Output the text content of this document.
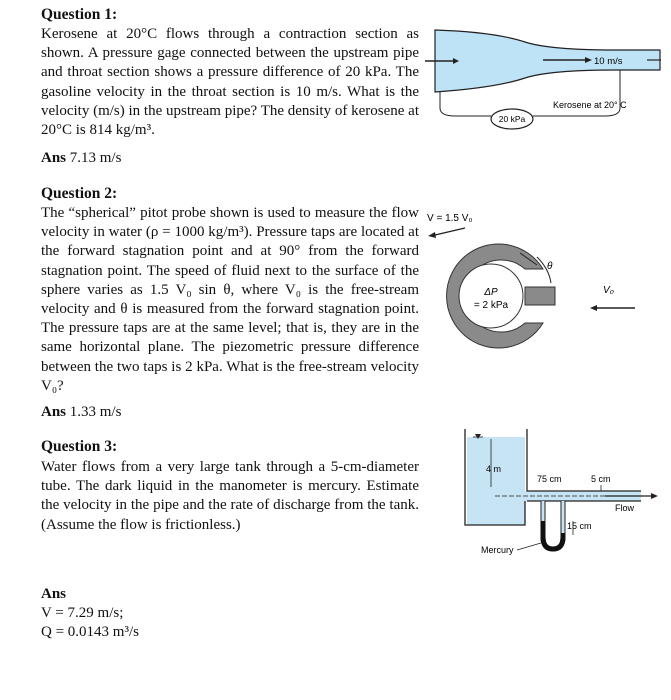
Question 1:
Kerosene at 20°C flows through a contraction section as shown. A pressure gage connected between the upstream pipe and throat section shows a pressure difference of 20 kPa. The gasoline velocity in the throat section is 10 m/s. What is the velocity (m/s) in the upstream pipe? The density of kerosene at 20°C is 814 kg/m³.
Ans 7.13 m/s
10 m/s
20 kPa
Kerosene at 20° C
Question 2:
The “spherical” pitot probe shown is used to measure the flow velocity in water (ρ = 1000 kg/m³). Pressure taps are located at the forward stagnation point and at 90° from the forward stagnation point. The speed of fluid next to the surface of the sphere varies as 1.5 V₀ sin θ, where V₀ is the free-stream velocity and θ is measured from the forward stagnation point. The pressure taps are at the same level; that is, they are in the same horizontal plane. The piezometric pressure difference between the two taps is 2 kPa. What is the free-stream velocity V₀?
Ans 1.33 m/s
V = 1.5 V₀
ΔP
= 2 kPa
θ
V₀
Question 3:
Water flows from a very large tank through a 5-cm-diameter tube. The dark liquid in the manometer is mercury. Estimate the velocity in the pipe and the rate of discharge from the tank. (Assume the flow is frictionless.)
Ans
V = 7.29 m/s;
Q = 0.0143 m³/s
4 m
75 cm	5 cm
Flow
15 cm
Mercury
